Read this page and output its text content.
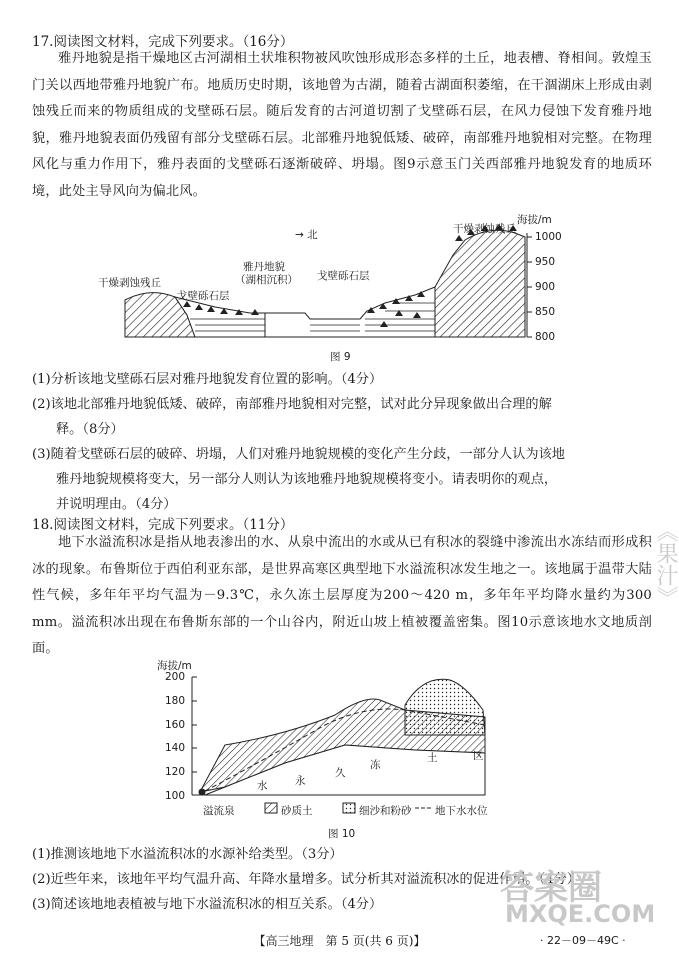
17.阅读图文材料，完成下列要求。（16分）
雅丹地貌是指干燥地区古河湖相土状堆积物被风吹蚀形成形态多样的土丘，地表槽、脊相间。敦煌玉门关以西地带雅丹地貌广布。地质历史时期，该地曾为古湖，随着古湖面积萎缩，在干涸湖床上形成由剥蚀残丘而来的物质组成的戈壁砾石层。随后发育的古河道切割了戈壁砾石层，在风力侵蚀下发育雅丹地貌，雅丹地貌表面仍残留有部分戈壁砾石层。北部雅丹地貌低矮、破碎，南部雅丹地貌相对完整。在物理风化与重力作用下，雅丹表面的戈壁砾石逐渐破碎、坍塌。图9示意玉门关西部雅丹地貌发育的地质环境，此处主导风向为偏北风。
→ 北
海拔/m
干燥剥蚀残丘
戈壁砾石层
雅丹地貌
（湖相沉积） 戈壁砾石层
干燥剥蚀残丘
1000
950
900
850
800
图 9
(1)分析该地戈壁砾石层对雅丹地貌发育位置的影响。（4分）
(2)该地北部雅丹地貌低矮、破碎，南部雅丹地貌相对完整，试对此分异现象做出合理的解
释。（8分）
(3)随着戈壁砾石层的破碎、坍塌，人们对雅丹地貌规模的变化产生分歧，一部分人认为该地
雅丹地貌规模将变大，另一部分人则认为该地雅丹地貌规模将变小。请表明你的观点，
并说明理由。（4分）
18.阅读图文材料，完成下列要求。（11分）
地下水溢流积冰是指从地表渗出的水、从泉中流出的水或从已有积冰的裂缝中渗流出水冻结而形成积冰的现象。布鲁斯位于西伯利亚东部，是世界高寒区典型地下水溢流积冰发生地之一。该地属于温带大陆性气候，多年年平均气温为－9.3℃，永久冻土层厚度为200～420 m，多年年平均降水量约为300 mm。溢流积冰出现在布鲁斯东部的一个山谷内，附近山坡上植被覆盖密集。图10示意该地水文地质剖面。
海拔/m
200
180
160
140
120
100
溢流泉
水	永
久
冻
土	区
砂质土	细沙和粉砂 地下水水位
图 10
(1)推测该地地下水溢流积冰的水源补给类型。（3分）
(2)近些年来，该地年平均气温升高、年降水量增多。试分析其对溢流积冰的促进作用。（4分）
(3)简述该地地表植被与地下水溢流积冰的相互关系。（4分）
《果汁》
答案圈
MXQE.COM
【高三地理　第 5 页(共 6 页)】	· 22－09－49C ·
